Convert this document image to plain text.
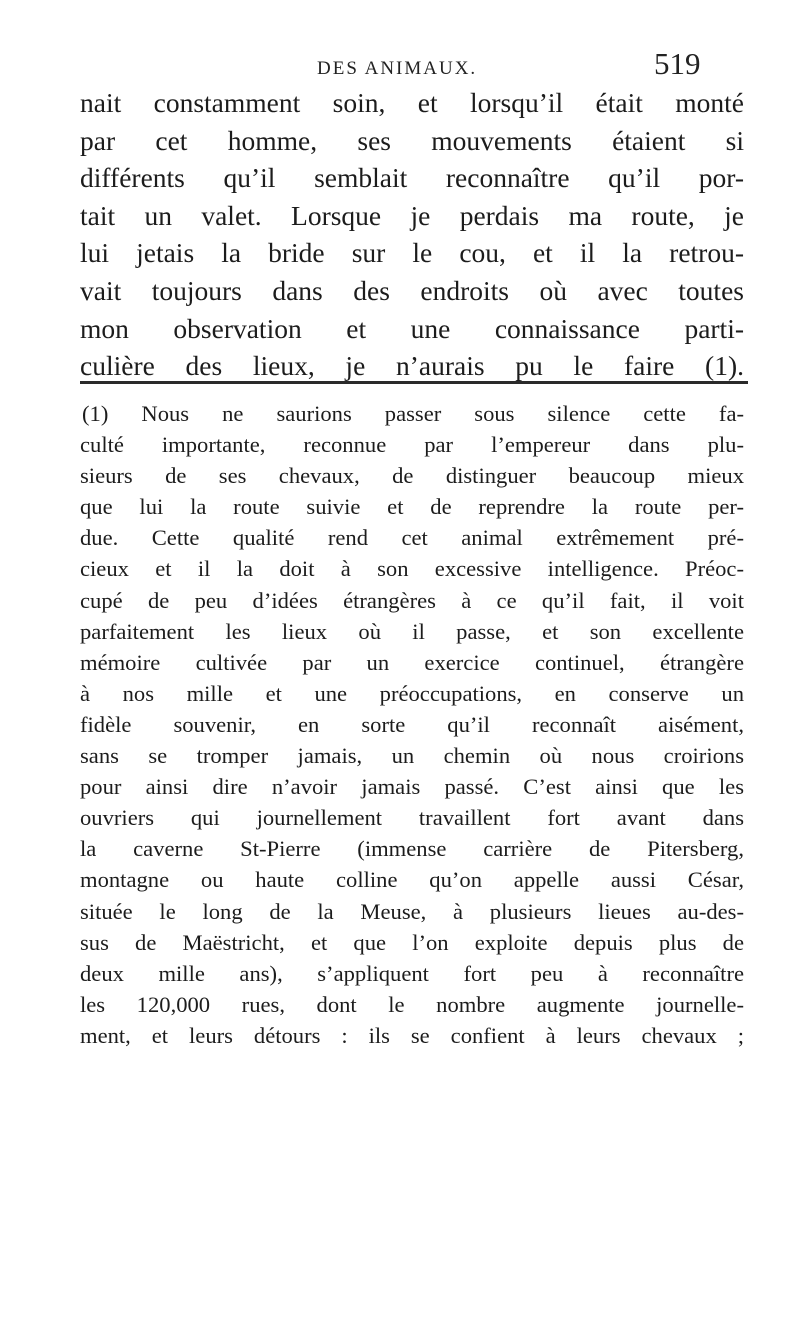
DES ANIMAUX.	519
nait constamment soin, et lorsqu’il était monté
par cet homme, ses mouvements étaient si
différents qu’il semblait reconnaître qu’il por-
tait un valet. Lorsque je perdais ma route, je
lui jetais la bride sur le cou, et il la retrou-
vait toujours dans des endroits où avec toutes
mon observation et une connaissance parti-
culière des lieux, je n’aurais pu le faire (1).
(1) Nous ne saurions passer sous silence cette fa-
culté importante, reconnue par l’empereur dans plu-
sieurs de ses chevaux, de distinguer beaucoup mieux
que lui la route suivie et de reprendre la route per-
due. Cette qualité rend cet animal extrêmement pré-
cieux et il la doit à son excessive intelligence. Préoc-
cupé de peu d’idées étrangères à ce qu’il fait, il voit
parfaitement les lieux où il passe, et son excellente
mémoire cultivée par un exercice continuel, étrangère
à nos mille et une préoccupations, en conserve un
fidèle souvenir, en sorte qu’il reconnaît aisément,
sans se tromper jamais, un chemin où nous croirions
pour ainsi dire n’avoir jamais passé. C’est ainsi que les
ouvriers qui journellement travaillent fort avant dans
la caverne St-Pierre (immense carrière de Pitersberg,
montagne ou haute colline qu’on appelle aussi César,
située le long de la Meuse, à plusieurs lieues au-des-
sus de Maëstricht, et que l’on exploite depuis plus de
deux mille ans), s’appliquent fort peu à reconnaître
les 120,000 rues, dont le nombre augmente journelle-
ment, et leurs détours : ils se confient à leurs chevaux ;
